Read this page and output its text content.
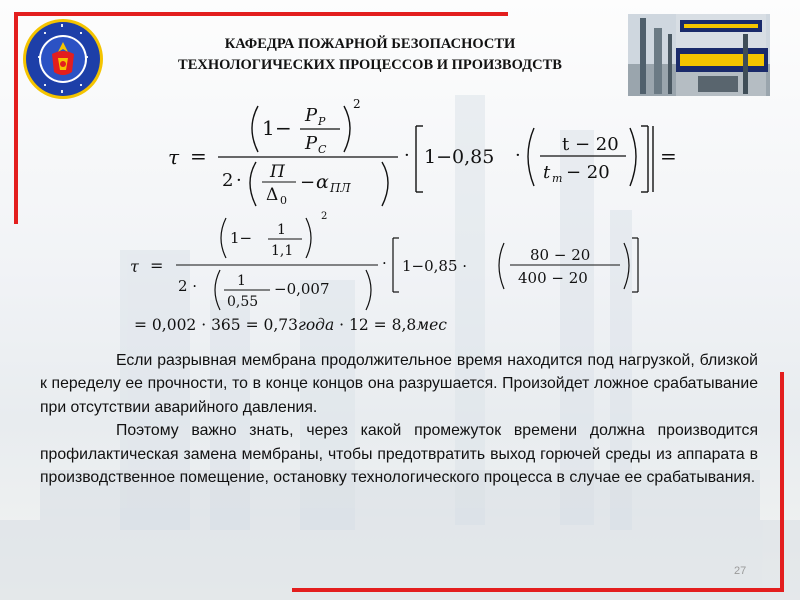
КАФЕДРА ПОЖАРНОЙ БЕЗОПАСНОСТИ
ТЕХНОЛОГИЧЕСКИХ ПРОЦЕССОВ И ПРОИЗВОДСТВ
τ =
1 −
P P
P C
2
2 · П
Δ 0
− α ПЛ
· 1−0,85 ·
t − 20
t m − 20
=
τ =
1− 1
1,1
2
2 ·	1
0,55
−0,007
· 1−0,85 ·
80 − 20
400 − 20
= 0,002 · 365 = 0,73года · 12 = 8,8мес

Если разрывная мембрана продолжительное время находится под нагрузкой, близкой к переделу ее прочности, то в конце концов она разрушается. Произойдет ложное срабатывание при отсутствии аварийного давления.

Поэтому важно знать, через какой промежуток времени должна производится профилактическая замена мембраны, чтобы предотвратить выход горючей среды из аппарата в производственное помещение, остановку технологического процесса в случае ее срабатывания.

27
